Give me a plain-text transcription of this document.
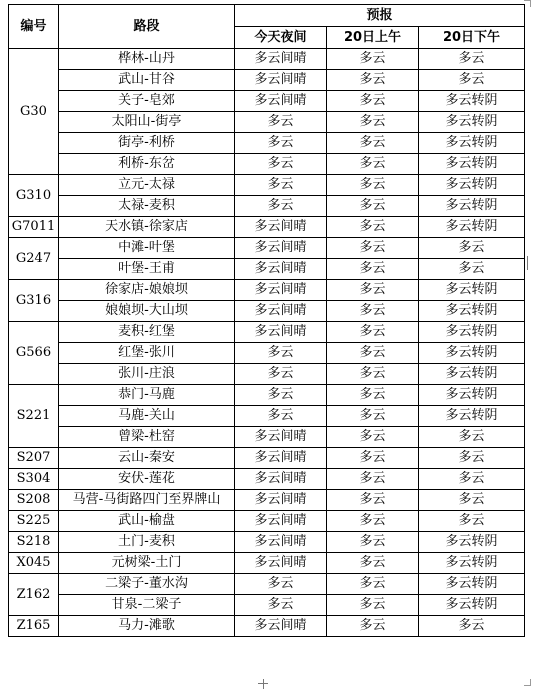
编号	路段	预报		
		今天夜间	20日上午	20日下午
G30	桦林-山丹	多云间晴	多云	多云
	武山-甘谷	多云间晴	多云	多云
	关子-皂郊	多云间晴	多云	多云转阴
	太阳山-街亭	多云	多云	多云转阴
	街亭-利桥	多云	多云	多云转阴
	利桥-东岔	多云	多云	多云转阴
G310	立元-太禄	多云	多云	多云转阴
	太禄-麦积	多云	多云	多云转阴
G7011	天水镇-徐家店	多云间晴	多云	多云转阴
G247	中滩-叶堡	多云间晴	多云	多云
	叶堡-王甫	多云间晴	多云	多云
G316	徐家店-娘娘坝	多云间晴	多云	多云转阴
	娘娘坝-大山坝	多云间晴	多云	多云转阴
G566	麦积-红堡	多云间晴	多云	多云转阴
	红堡-张川	多云	多云	多云转阴
	张川-庄浪	多云	多云	多云转阴
S221	恭门-马鹿	多云	多云	多云转阴
	马鹿-关山	多云	多云	多云转阴
	曾梁-杜窑	多云间晴	多云	多云
S207	云山-秦安	多云间晴	多云	多云
S304	安伏-莲花	多云间晴	多云	多云
S208	马营-马街路四门至界牌山	多云间晴	多云	多云
S225	武山-榆盘	多云间晴	多云	多云
S218	土门-麦积	多云间晴	多云	多云转阴
X045	元树梁-土门	多云间晴	多云	多云转阴
Z162	二梁子-董水沟	多云	多云	多云转阴
	甘泉-二梁子	多云	多云	多云转阴
Z165	马力-滩歌	多云间晴	多云	多云
